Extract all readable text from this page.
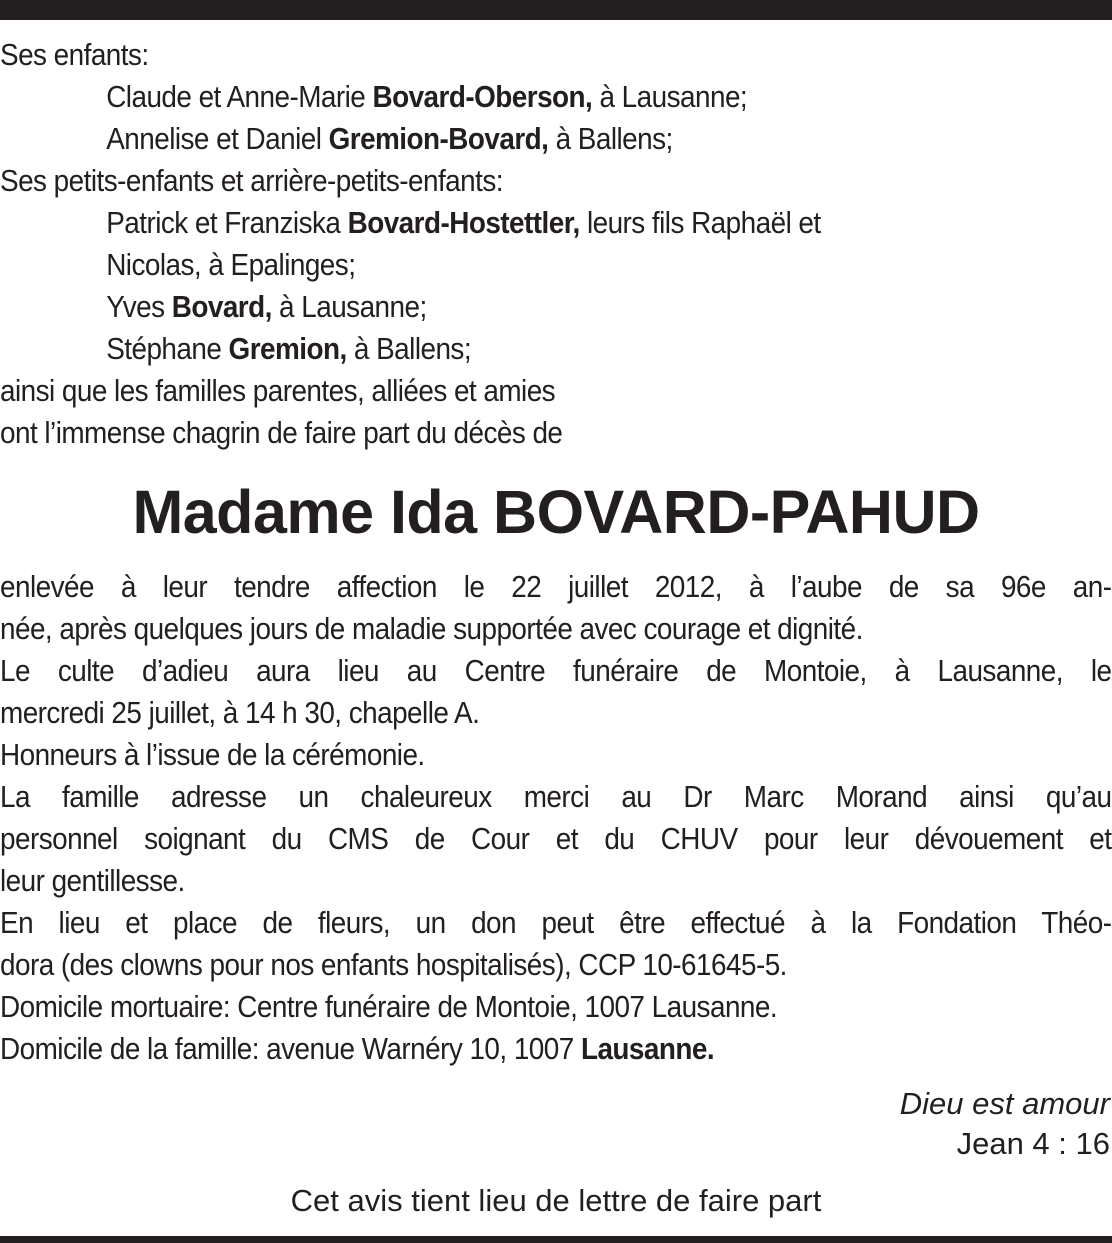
Ses enfants:
Claude et Anne-Marie Bovard-Oberson, à Lausanne;
Annelise et Daniel Gremion-Bovard, à Ballens;
Ses petits-enfants et arrière-petits-enfants:
Patrick et Franziska Bovard-Hostettler, leurs fils Raphaël et
Nicolas, à Epalinges;
Yves Bovard, à Lausanne;
Stéphane Gremion, à Ballens;
ainsi que les familles parentes, alliées et amies
ont l’immense chagrin de faire part du décès de
Madame Ida BOVARD-PAHUD
enlevée à leur tendre affection le 22 juillet 2012, à l’aube de sa 96e an-
née, après quelques jours de maladie supportée avec courage et dignité.
Le culte d’adieu aura lieu au Centre funéraire de Montoie, à Lausanne, le
mercredi 25 juillet, à 14 h 30, chapelle A.
Honneurs à l’issue de la cérémonie.
La famille adresse un chaleureux merci au Dr Marc Morand ainsi qu’au
personnel soignant du CMS de Cour et du CHUV pour leur dévouement et
leur gentillesse.
En lieu et place de fleurs, un don peut être effectué à la Fondation Théo-
dora (des clowns pour nos enfants hospitalisés), CCP 10-61645-5.
Domicile mortuaire: Centre funéraire de Montoie, 1007 Lausanne.
Domicile de la famille: avenue Warnéry 10, 1007 Lausanne.
Dieu est amour
Jean 4 : 16
Cet avis tient lieu de lettre de faire part
